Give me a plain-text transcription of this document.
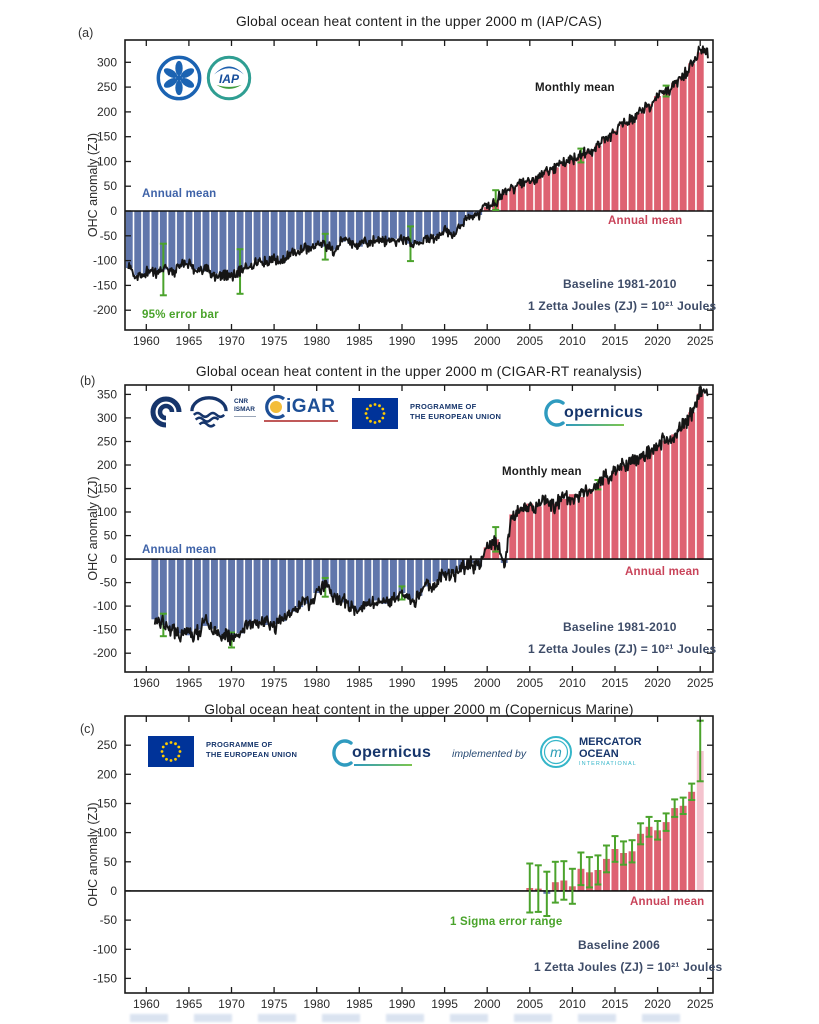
1960 1965 1970 1975 1980 1985 1990 1995 2000 2005 2010 2015 2020 2025
-200
-150
-100
-50
0
50
100
150
200
250
300
OHC anomaly (ZJ)
(a)
Global ocean heat content in the upper 2000 m (IAP/CAS)
IAP
Monthly mean
Annual mean
Annual mean
95% error bar
Baseline 1981-2010
1 Zetta Joules (ZJ) = 10²¹ Joules
1960 1965 1970 1975 1980 1985 1990 1995 2000 2005 2010 2015 2020 2025
-200
-150
-100
-50
0
50
100
150
200
250
300
350
OHC anomaly (ZJ)
(b)
Global ocean heat content in the upper 2000 m (CIGAR-RT reanalysis)
CNR
ISMAR iGAR	PROGRAMME OF
THE EUROPEAN UNION	opernicus
Monthly mean
Annual mean
Annual mean
Baseline 1981-2010
1 Zetta Joules (ZJ) = 10²¹ Joules
1960 1965 1970 1975 1980 1985 1990 1995 2000 2005 2010 2015 2020 2025
-150
-100
-50
0
50
100
150
200
250
OHC anomaly (ZJ)
(c)
Global ocean heat content in the upper 2000 m (Copernicus Marine)
PROGRAMME OF
THE EUROPEAN UNION	opernicus implemented by m
MERCATOR
OCEAN
INTERNATIONAL
1 Sigma error range
Annual mean
Baseline 2006
1 Zetta Joules (ZJ) = 10²¹ Joules
